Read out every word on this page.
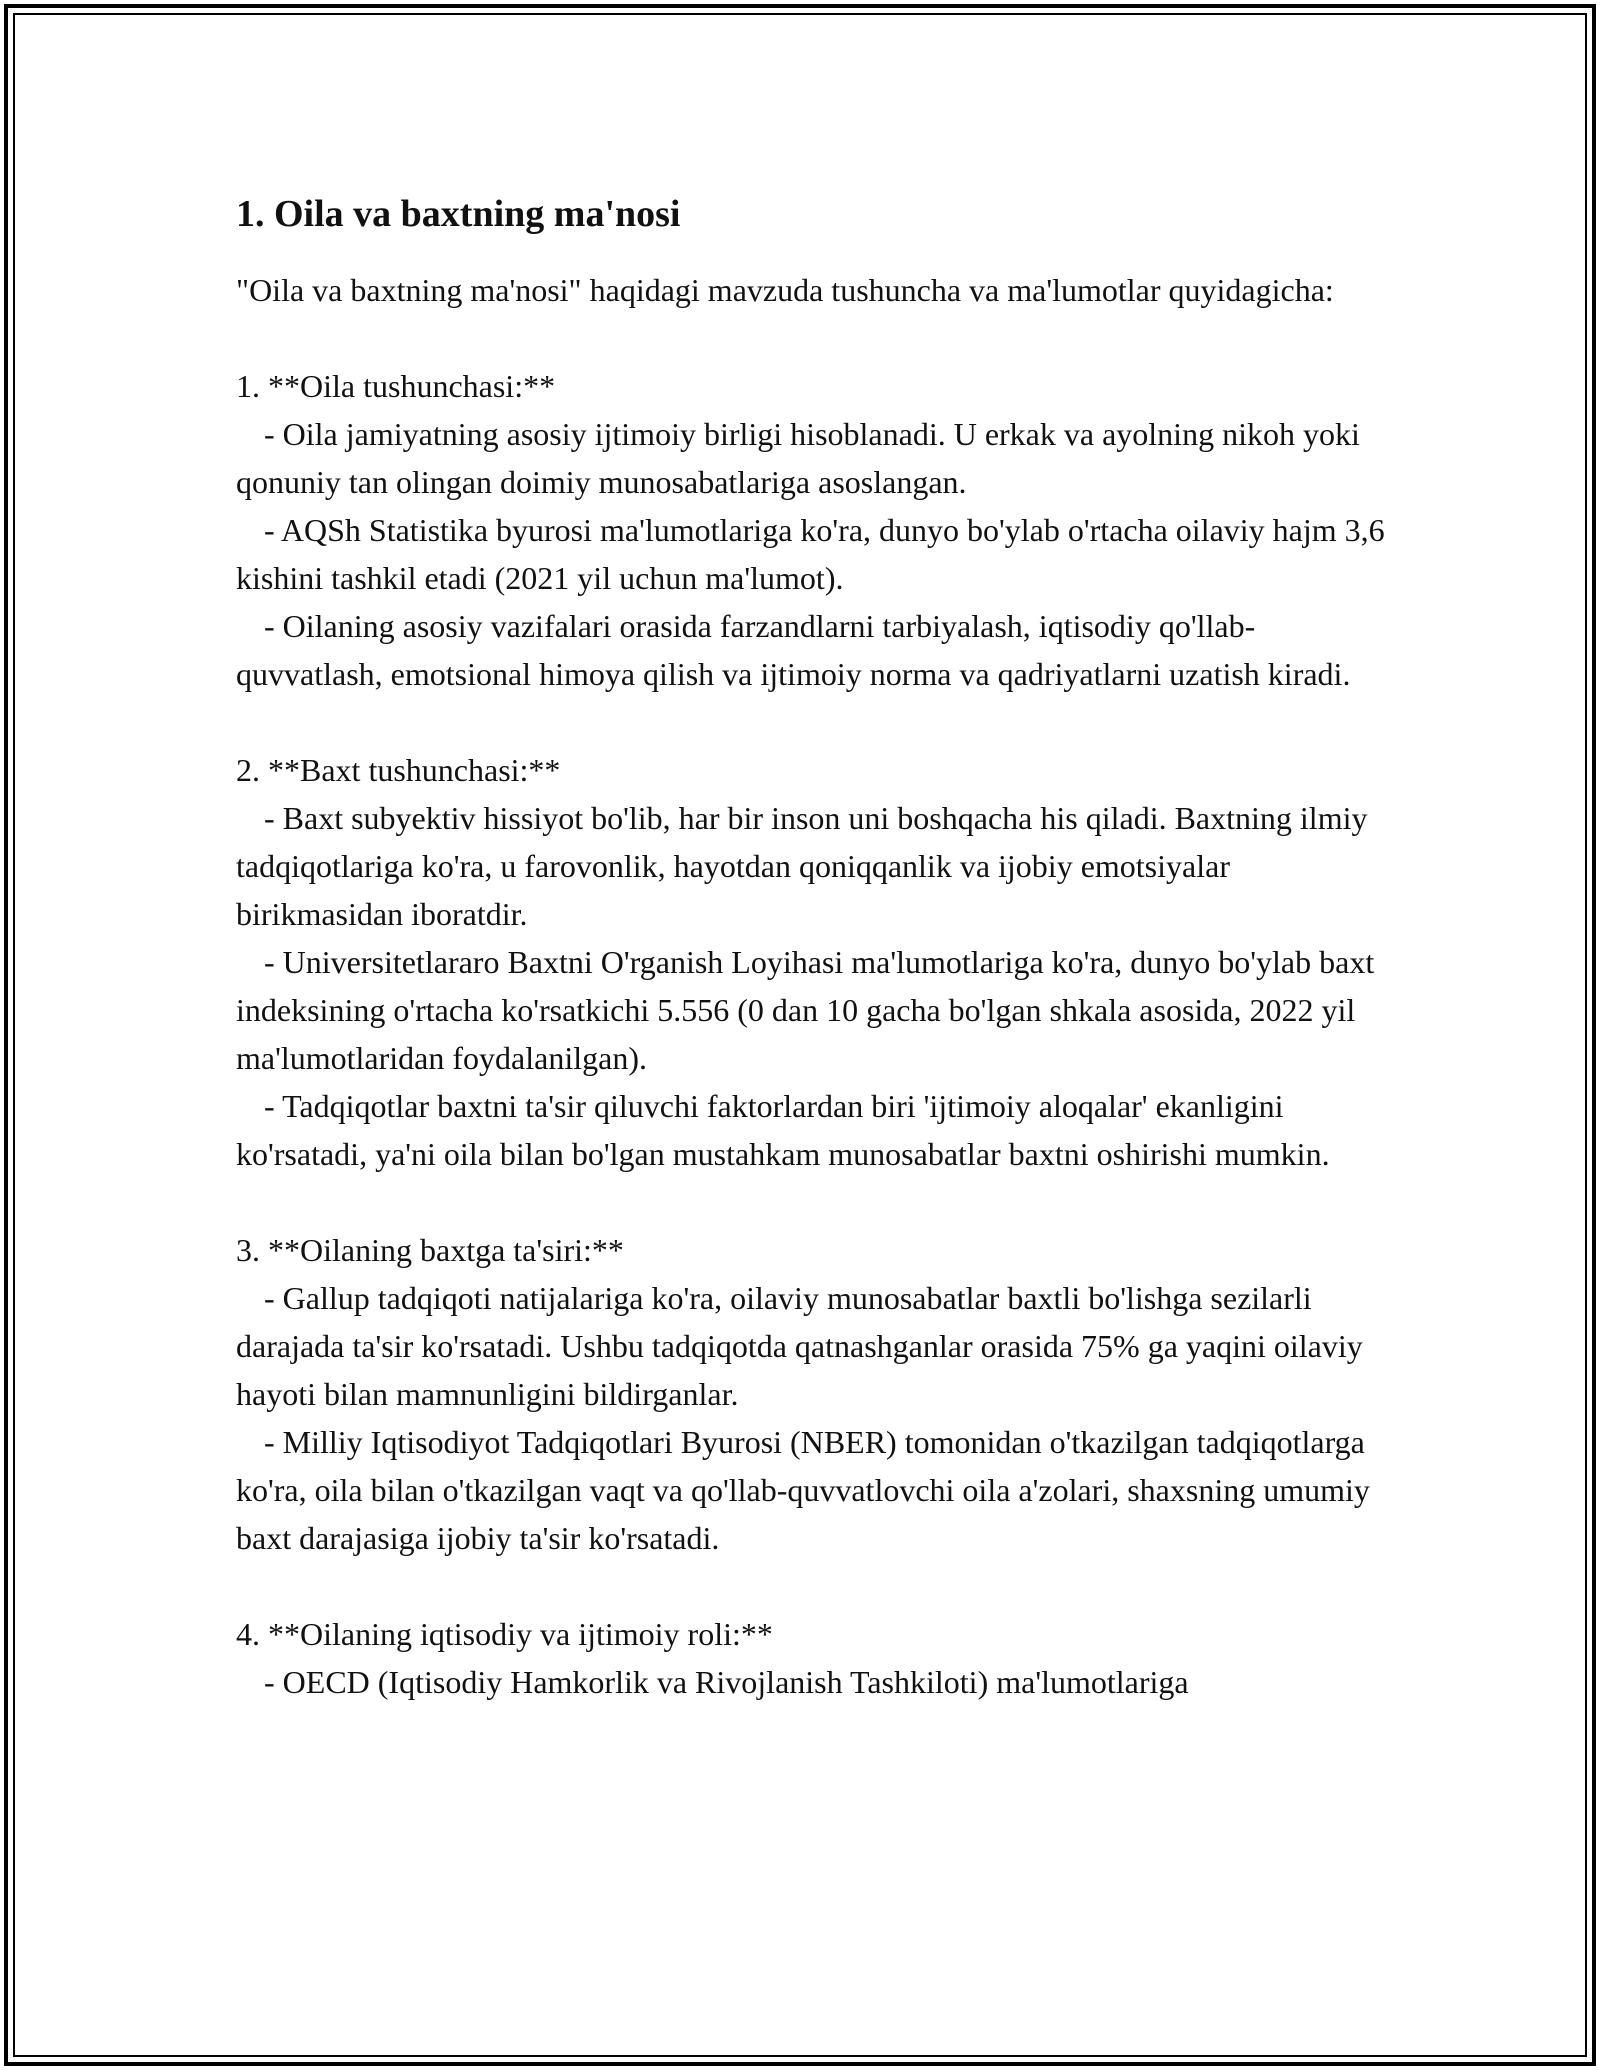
1. Oila va baxtning ma'nosi

"Oila va baxtning ma'nosi" haqidagi mavzuda tushuncha va ma'lumotlar quyidagicha:

1. **Oila tushunchasi:**

- Oila jamiyatning asosiy ijtimoiy birligi hisoblanadi. U erkak va ayolning nikoh yoki qonuniy tan olingan doimiy munosabatlariga asoslangan.

- AQSh Statistika byurosi ma'lumotlariga ko'ra, dunyo bo'ylab o'rtacha oilaviy hajm 3,6 kishini tashkil etadi (2021 yil uchun ma'lumot).

- Oilaning asosiy vazifalari orasida farzandlarni tarbiyalash, iqtisodiy qo'llab-quvvatlash, emotsional himoya qilish va ijtimoiy norma va qadriyatlarni uzatish kiradi.

2. **Baxt tushunchasi:**

- Baxt subyektiv hissiyot bo'lib, har bir inson uni boshqacha his qiladi. Baxtning ilmiy tadqiqotlariga ko'ra, u farovonlik, hayotdan qoniqqanlik va ijobiy emotsiyalar birikmasidan iboratdir.

- Universitetlararo Baxtni O'rganish Loyihasi ma'lumotlariga ko'ra, dunyo bo'ylab baxt indeksining o'rtacha ko'rsatkichi 5.556 (0 dan 10 gacha bo'lgan shkala asosida, 2022 yil ma'lumotlaridan foydalanilgan).

- Tadqiqotlar baxtni ta'sir qiluvchi faktorlardan biri 'ijtimoiy aloqalar' ekanligini ko'rsatadi, ya'ni oila bilan bo'lgan mustahkam munosabatlar baxtni oshirishi mumkin.

3. **Oilaning baxtga ta'siri:**

- Gallup tadqiqoti natijalariga ko'ra, oilaviy munosabatlar baxtli bo'lishga sezilarli darajada ta'sir ko'rsatadi. Ushbu tadqiqotda qatnashganlar orasida 75% ga yaqini oilaviy hayoti bilan mamnunligini bildirganlar.

- Milliy Iqtisodiyot Tadqiqotlari Byurosi (NBER) tomonidan o'tkazilgan tadqiqotlarga ko'ra, oila bilan o'tkazilgan vaqt va qo'llab-quvvatlovchi oila a'zolari, shaxsning umumiy baxt darajasiga ijobiy ta'sir ko'rsatadi.

4. **Oilaning iqtisodiy va ijtimoiy roli:**

- OECD (Iqtisodiy Hamkorlik va Rivojlanish Tashkiloti) ma'lumotlariga
